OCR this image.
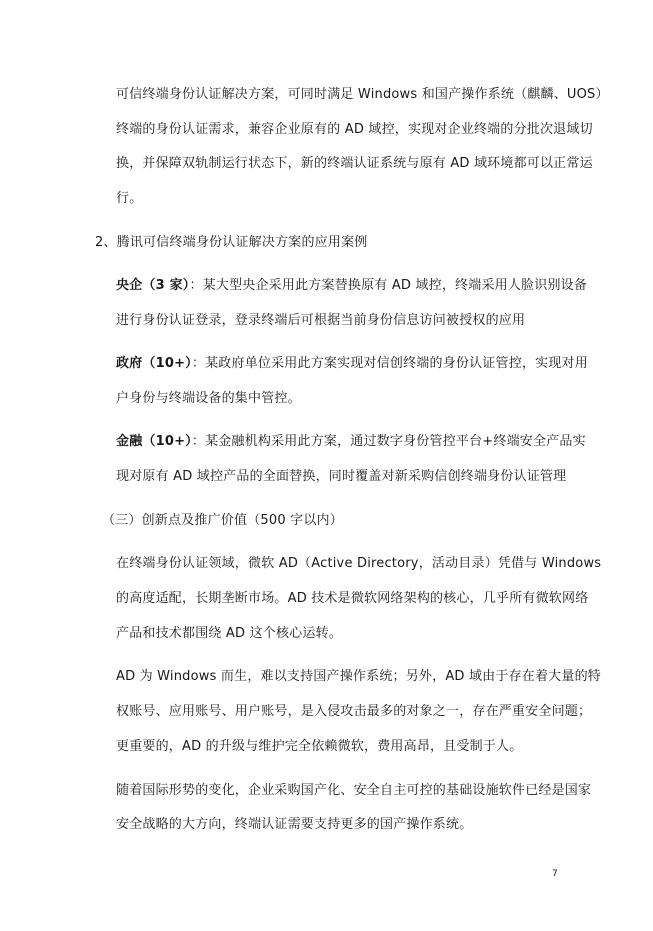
可信终端身份认证解决方案，可同时满足 Windows 和国产操作系统（麒麟、UOS）
终端的身份认证需求，兼容企业原有的 AD 域控，实现对企业终端的分批次退域切
换，并保障双轨制运行状态下，新的终端认证系统与原有 AD 域环境都可以正常运
行。
2、腾讯可信终端身份认证解决方案的应用案例
央企（3 家）：某大型央企采用此方案替换原有 AD 域控，终端采用人脸识别设备
进行身份认证登录，登录终端后可根据当前身份信息访问被授权的应用
政府（10+）：某政府单位采用此方案实现对信创终端的身份认证管控，实现对用
户身份与终端设备的集中管控。
金融（10+）：某金融机构采用此方案，通过数字身份管控平台+终端安全产品实
现对原有 AD 域控产品的全面替换，同时覆盖对新采购信创终端身份认证管理
（三）创新点及推广价值（500 字以内）
在终端身份认证领域，微软 AD（Active Directory，活动目录）凭借与 Windows
的高度适配，长期垄断市场。AD 技术是微软网络架构的核心，几乎所有微软网络
产品和技术都围绕 AD 这个核心运转。
AD 为 Windows 而生，难以支持国产操作系统；另外，AD 域由于存在着大量的特
权账号、应用账号、用户账号，是入侵攻击最多的对象之一，存在严重安全问题；
更重要的，AD 的升级与维护完全依赖微软，费用高昂，且受制于人。
随着国际形势的变化，企业采购国产化、安全自主可控的基础设施软件已经是国家
安全战略的大方向，终端认证需要支持更多的国产操作系统。
7
